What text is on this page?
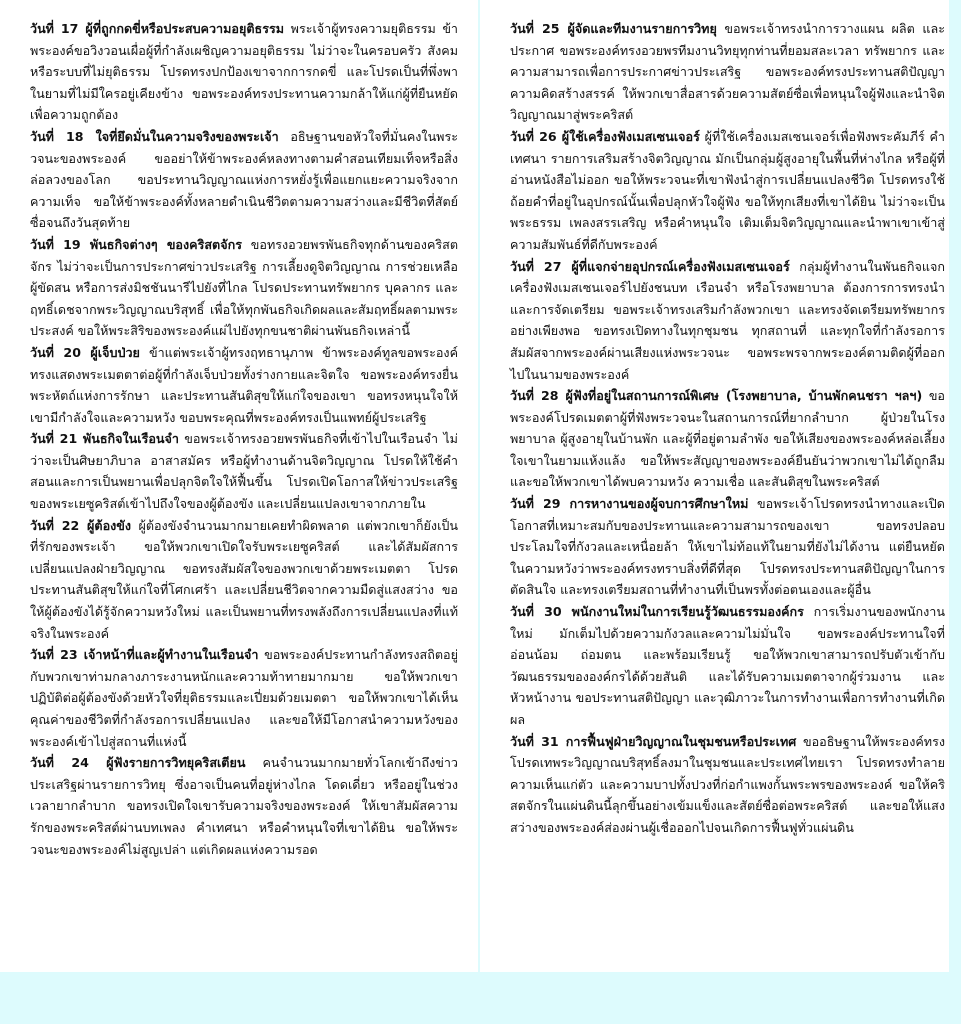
วันที่ 17 ผู้ที่ถูกกดขี่หรือประสบความอยุติธรรม พระเจ้าผู้ทรงความยุติธรรม ข้าพระองค์ขอวิงวอนเผื่อผู้ที่กำลังเผชิญความอยุติธรรม ไม่ว่าจะในครอบครัว สังคม หรือระบบที่ไม่ยุติธรรม โปรดทรงปกป้องเขาจากการกดขี่ และโปรดเป็นที่พึ่งพาในยามที่ไม่มีใครอยู่เคียงข้าง ขอพระองค์ทรงประทานความกล้าให้แก่ผู้ที่ยืนหยัดเพื่อความถูกต้อง

วันที่ 18 ใจที่ยึดมั่นในความจริงของพระเจ้า อธิษฐานขอหัวใจที่มั่นคงในพระวจนะของพระองค์ ขออย่าให้ข้าพระองค์หลงทางตามคำสอนเทียมเท็จหรือสิ่งล่อลวงของโลก ขอประทานวิญญาณแห่งการหยั่งรู้เพื่อแยกแยะความจริงจากความเท็จ ขอให้ข้าพระองค์ทั้งหลายดำเนินชีวิตตามความสว่างและมีชีวิตที่สัตย์ซื่อจนถึงวันสุดท้าย

วันที่ 19 พันธกิจต่างๆ ของคริสตจักร ขอทรงอวยพรพันธกิจทุกด้านของคริสตจักร ไม่ว่าจะเป็นการประกาศข่าวประเสริฐ การเลี้ยงดูจิตวิญญาณ การช่วยเหลือผู้ขัดสน หรือการส่งมิชชันนารีไปยังที่ไกล โปรดประทานทรัพยากร บุคลากร และฤทธิ์เดชจากพระวิญญาณบริสุทธิ์ เพื่อให้ทุกพันธกิจเกิดผลและสัมฤทธิ์ผลตามพระประสงค์ ขอให้พระสิริของพระองค์แผ่ไปยังทุกขนชาติผ่านพันธกิจเหล่านี้

วันที่ 20 ผู้เจ็บป่วย ข้าแต่พระเจ้าผู้ทรงฤทธานุภาพ ข้าพระองค์ทูลขอพระองค์ทรงแสดงพระเมตตาต่อผู้ที่กำลังเจ็บป่วยทั้งร่างกายและจิตใจ ขอพระองค์ทรงยื่นพระหัตถ์แห่งการรักษา และประทานสันติสุขให้แก่ใจของเขา ขอทรงหนุนใจให้เขามีกำลังใจและความหวัง ขอบพระคุณที่พระองค์ทรงเป็นแพทย์ผู้ประเสริฐ

วันที่ 21 พันธกิจในเรือนจำ ขอพระเจ้าทรงอวยพรพันธกิจที่เข้าไปในเรือนจำ ไม่ว่าจะเป็นศิษยาภิบาล อาสาสมัคร หรือผู้ทำงานด้านจิตวิญญาณ โปรดให้ใช้คำสอนและการเป็นพยานเพื่อปลุกจิตใจให้ฟื้นขึ้น โปรดเปิดโอกาสให้ข่าวประเสริฐของพระเยซูคริสต์เข้าไปถึงใจของผู้ต้องขัง และเปลี่ยนแปลงเขาจากภายใน

วันที่ 22 ผู้ต้องขัง ผู้ต้องขังจำนวนมากมายเคยทำผิดพลาด แต่พวกเขาก็ยังเป็นที่รักของพระเจ้า ขอให้พวกเขาเปิดใจรับพระเยซูคริสต์ และได้สัมผัสการเปลี่ยนแปลงฝ่ายวิญญาณ ขอทรงสัมผัสใจของพวกเขาด้วยพระเมตตา โปรดประทานสันติสุขให้แก่ใจที่โศกเศร้า และเปลี่ยนชีวิตจากความมืดสู่แสงสว่าง ขอให้ผู้ต้องขังได้รู้จักความหวังใหม่ และเป็นพยานที่ทรงพลังถึงการเปลี่ยนแปลงที่แท้จริงในพระองค์

วันที่ 23 เจ้าหน้าที่และผู้ทำงานในเรือนจำ ขอพระองค์ประทานกำลังทรงสถิตอยู่กับพวกเขาท่ามกลางภาระงานหนักและความท้าทายมากมาย ขอให้พวกเขาปฏิบัติต่อผู้ต้องขังด้วยหัวใจที่ยุติธรรมและเปี่ยมด้วยเมตตา ขอให้พวกเขาได้เห็นคุณค่าของชีวิตที่กำลังรอการเปลี่ยนแปลง และขอให้มีโอกาสนำความหวังของพระองค์เข้าไปสู่สถานที่แห่งนี้

วันที่ 24 ผู้ฟังรายการวิทยุคริสเตียน คนจำนวนมากมายทั่วโลกเข้าถึงข่าวประเสริฐผ่านรายการวิทยุ ซึ่งอาจเป็นคนที่อยู่ห่างไกล โดดเดี่ยว หรืออยู่ในช่วงเวลายากลำบาก ขอทรงเปิดใจเขารับความจริงของพระองค์ ให้เขาสัมผัสความรักของพระคริสต์ผ่านบทเพลง คำเทศนา หรือคำหนุนใจที่เขาได้ยิน ขอให้พระวจนะของพระองค์ไม่สูญเปล่า แต่เกิดผลแห่งความรอด

วันที่ 25 ผู้จัดและทีมงานรายการวิทยุ ขอพระเจ้าทรงนำการวางแผน ผลิต และประกาศ ขอพระองค์ทรงอวยพรทีมงานวิทยุทุกท่านที่ยอมสละเวลา ทรัพยากร และความสามารถเพื่อการประกาศข่าวประเสริฐ ขอพระองค์ทรงประทานสติปัญญา ความคิดสร้างสรรค์ ให้พวกเขาสื่อสารด้วยความสัตย์ซื่อเพื่อหนุนใจผู้ฟังและนำจิตวิญญาณมาสู่พระคริสต์

วันที่ 26 ผู้ใช้เครื่องฟังเมสเซนเจอร์ ผู้ที่ใช้เครื่องเมสเซนเจอร์เพื่อฟังพระคัมภีร์ คำเทศนา รายการเสริมสร้างจิตวิญญาณ มักเป็นกลุ่มผู้สูงอายุในพื้นที่ห่างไกล หรือผู้ที่อ่านหนังสือไม่ออก ขอให้พระวจนะที่เขาฟังนำสู่การเปลี่ยนแปลงชีวิต โปรดทรงใช้ถ้อยคำที่อยู่ในอุปกรณ์นั้นเพื่อปลุกหัวใจผู้ฟัง ขอให้ทุกเสียงที่เขาได้ยิน ไม่ว่าจะเป็นพระธรรม เพลงสรรเสริญ หรือคำหนุนใจ เติมเต็มจิตวิญญาณและนำพาเขาเข้าสู่ความสัมพันธ์ที่ดีกับพระองค์

วันที่ 27 ผู้ที่แจกจ่ายอุปกรณ์เครื่องฟังเมสเซนเจอร์ กลุ่มผู้ทำงานในพันธกิจแจกเครื่องฟังเมสเซนเจอร์ไปยังชนบท เรือนจำ หรือโรงพยาบาล ต้องการการทรงนำและการจัดเตรียม ขอพระเจ้าทรงเสริมกำลังพวกเขา และทรงจัดเตรียมทรัพยากรอย่างเพียงพอ ขอทรงเปิดทางในทุกชุมชน ทุกสถานที่ และทุกใจที่กำลังรอการสัมผัสจากพระองค์ผ่านเสียงแห่งพระวจนะ ขอพระพรจากพระองค์ตามติดผู้ที่ออกไปในนามของพระองค์

วันที่ 28 ผู้ฟังที่อยู่ในสถานการณ์พิเศษ (โรงพยาบาล, บ้านพักคนชรา ฯลฯ) ขอพระองค์โปรดเมตตาผู้ที่ฟังพระวจนะในสถานการณ์ที่ยากลำบาก ผู้ป่วยในโรงพยาบาล ผู้สูงอายุในบ้านพัก และผู้ที่อยู่ตามลำพัง ขอให้เสียงของพระองค์หล่อเลี้ยงใจเขาในยามแห้งแล้ง ขอให้พระสัญญาของพระองค์ยืนยันว่าพวกเขาไม่ได้ถูกลืม และขอให้พวกเขาได้พบความหวัง ความเชื่อ และสันติสุขในพระคริสต์

วันที่ 29 การหางานของผู้จบการศึกษาใหม่ ขอพระเจ้าโปรดทรงนำทางและเปิดโอกาสที่เหมาะสมกับของประทานและความสามารถของเขา ขอทรงปลอบประโลมใจที่กังวลและเหนื่อยล้า ให้เขาไม่ท้อแท้ในยามที่ยังไม่ได้งาน แต่ยืนหยัดในความหวังว่าพระองค์ทรงทราบสิ่งที่ดีที่สุด โปรดทรงประทานสติปัญญาในการตัดสินใจ และทรงเตรียมสถานที่ทำงานที่เป็นพรทั้งต่อตนเองและผู้อื่น

วันที่ 30 พนักงานใหม่ในการเรียนรู้วัฒนธรรมองค์กร การเริ่มงานของพนักงานใหม่ มักเต็มไปด้วยความกังวลและความไม่มั่นใจ ขอพระองค์ประทานใจที่อ่อนน้อม ถ่อมตน และพร้อมเรียนรู้ ขอให้พวกเขาสามารถปรับตัวเข้ากับวัฒนธรรมขององค์กรได้ด้วยสันติ และได้รับความเมตตาจากผู้ร่วมงาน และหัวหน้างาน ขอประทานสติปัญญา และวุฒิภาวะในการทำงานเพื่อการทำงานที่เกิดผล

วันที่ 31 การฟื้นฟูฝ่ายวิญญาณในชุมชนหรือประเทศ ขออธิษฐานให้พระองค์ทรงโปรดเทพระวิญญาณบริสุทธิ์ลงมาในชุมชนและประเทศไทยเรา โปรดทรงทำลายความเห็นแก่ตัว และความบาปทั้งปวงที่ก่อกำแพงกั้นพระพรของพระองค์ ขอให้คริสตจักรในแผ่นดินนี้ลุกขึ้นอย่างเข้มแข็งและสัตย์ซื่อต่อพระคริสต์ และขอให้แสงสว่างของพระองค์ส่องผ่านผู้เชื่อออกไปจนเกิดการฟื้นฟูทั่วแผ่นดิน
